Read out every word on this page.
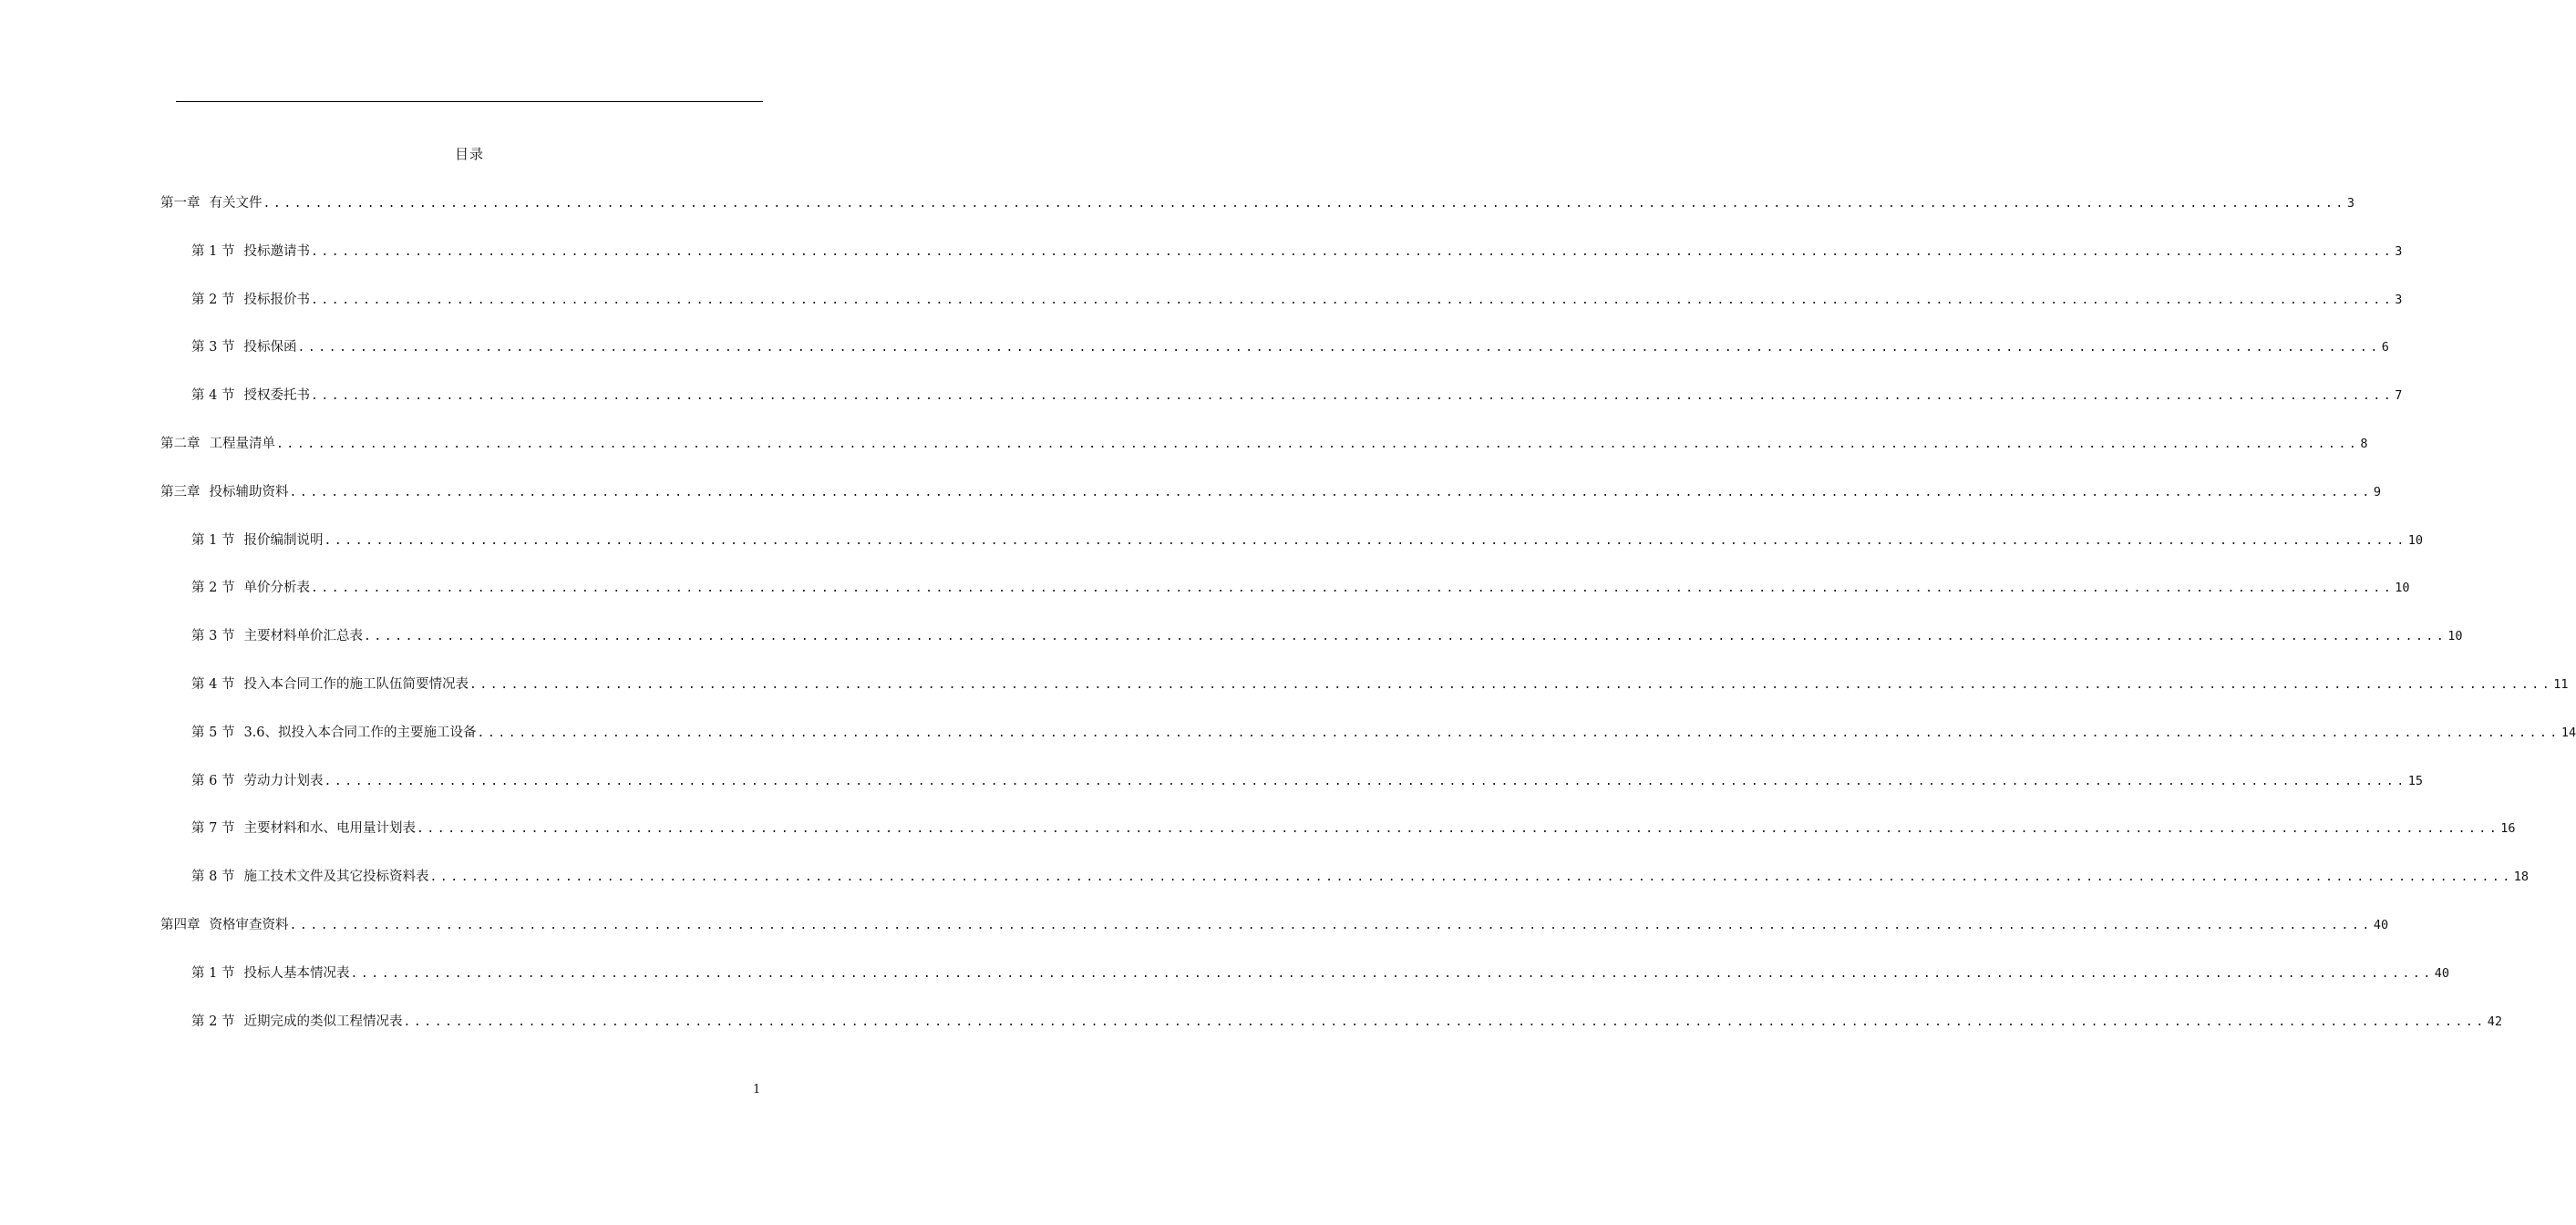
目录
第一章 有关文件 ........................................................................................................................................................................................................ 3
第 1 节 投标邀请书 ........................................................................................................................................................................................................ 3
第 2 节 投标报价书 ........................................................................................................................................................................................................ 3
第 3 节 投标保函 ........................................................................................................................................................................................................ 6
第 4 节 授权委托书 ........................................................................................................................................................................................................ 7
第二章 工程量清单 ........................................................................................................................................................................................................ 8
第三章 投标辅助资料 ........................................................................................................................................................................................................ 9
第 1 节 报价编制说明 ........................................................................................................................................................................................................ 10
第 2 节 单价分析表 ........................................................................................................................................................................................................ 10
第 3 节 主要材料单价汇总表 ........................................................................................................................................................................................................ 10
第 4 节 投入本合同工作的施工队伍简要情况表 ........................................................................................................................................................................................................ 11
第 5 节 3.6、拟投入本合同工作的主要施工设备 ........................................................................................................................................................................................................ 14
第 6 节 劳动力计划表 ........................................................................................................................................................................................................ 15
第 7 节 主要材料和水、电用量计划表 ........................................................................................................................................................................................................ 16
第 8 节 施工技术文件及其它投标资料表 ........................................................................................................................................................................................................ 18
第四章 资格审查资料 ........................................................................................................................................................................................................ 40
第 1 节 投标人基本情况表 ........................................................................................................................................................................................................ 40
第 2 节 近期完成的类似工程情况表 ........................................................................................................................................................................................................ 42
1
